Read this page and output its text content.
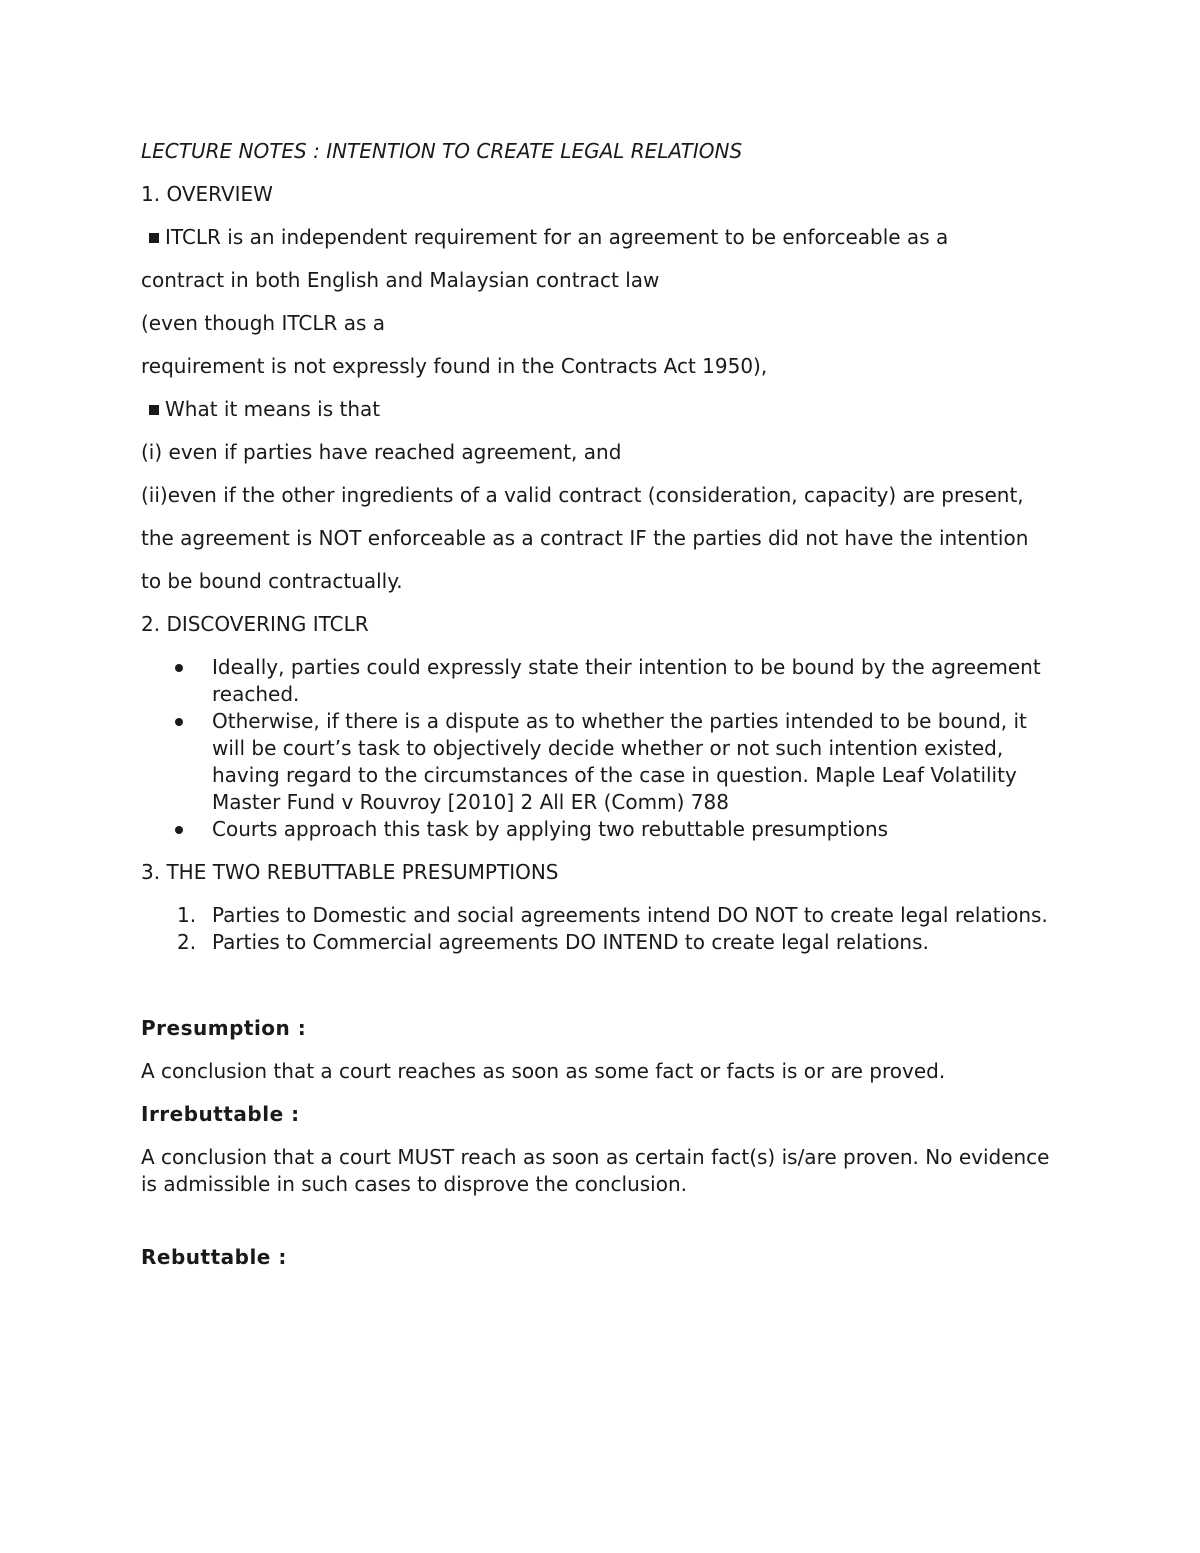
LECTURE NOTES : INTENTION TO CREATE LEGAL RELATIONS
1. OVERVIEW
ITCLR is an independent requirement for an agreement to be enforceable as a
contract in both English and Malaysian contract law
(even though ITCLR as a
requirement is not expressly found in the Contracts Act 1950),
What it means is that
(i) even if parties have reached agreement, and
(ii)even if the other ingredients of a valid contract (consideration, capacity) are present,
the agreement is NOT enforceable as a contract IF the parties did not have the intention
to be bound contractually.
2. DISCOVERING ITCLR
Ideally, parties could expressly state their intention to be bound by the agreement reached.
Otherwise, if there is a dispute as to whether the parties intended to be bound, it will be court’s task to objectively decide whether or not such intention existed, having regard to the circumstances of the case in question. Maple Leaf Volatility Master Fund v Rouvroy [2010] 2 All ER (Comm) 788
Courts approach this task by applying two rebuttable presumptions
3. THE TWO REBUTTABLE PRESUMPTIONS
1. Parties to Domestic and social agreements intend DO NOT to create legal relations.
2. Parties to Commercial agreements DO INTEND to create legal relations.
Presumption :
A conclusion that a court reaches as soon as some fact or facts is or are proved.
Irrebuttable :
A conclusion that a court MUST reach as soon as certain fact(s) is/are proven. No evidence is admissible in such cases to disprove the conclusion.
Rebuttable :
